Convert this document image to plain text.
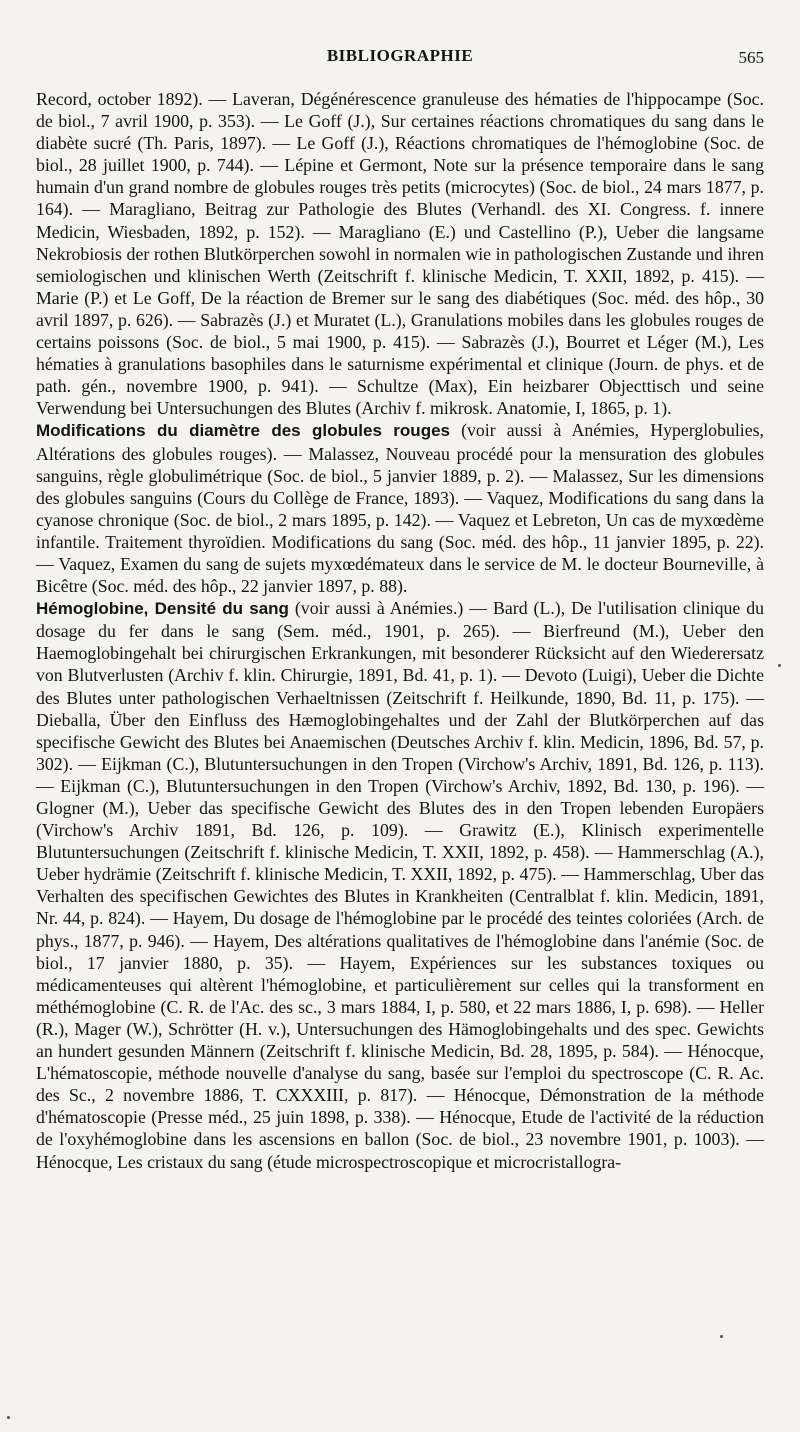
BIBLIOGRAPHIE	565

Record, october 1892). — Laveran, Dégénérescence granuleuse des hématies de l'hippocampe (Soc. de biol., 7 avril 1900, p. 353). — Le Goff (J.), Sur certaines réactions chromatiques du sang dans le diabète sucré (Th. Paris, 1897). — Le Goff (J.), Réactions chromatiques de l'hémoglobine (Soc. de biol., 28 juillet 1900, p. 744). — Lépine et Germont, Note sur la présence temporaire dans le sang humain d'un grand nombre de globules rouges très petits (microcytes) (Soc. de biol., 24 mars 1877, p. 164). — Maragliano, Beitrag zur Pathologie des Blutes (Verhandl. des XI. Congress. f. innere Medicin, Wiesbaden, 1892, p. 152). — Maragliano (E.) und Castellino (P.), Ueber die langsame Nekrobiosis der rothen Blutkörperchen sowohl in normalen wie in pathologischen Zustande und ihren semiologischen und klinischen Werth (Zeitschrift f. klinische Medicin, T. XXII, 1892, p. 415). — Marie (P.) et Le Goff, De la réaction de Bremer sur le sang des diabétiques (Soc. méd. des hôp., 30 avril 1897, p. 626). — Sabrazès (J.) et Muratet (L.), Granulations mobiles dans les globules rouges de certains poissons (Soc. de biol., 5 mai 1900, p. 415). — Sabrazès (J.), Bourret et Léger (M.), Les hématies à granulations basophiles dans le saturnisme expérimental et clinique (Journ. de phys. et de path. gén., novembre 1900, p. 941). — Schultze (Max), Ein heizbarer Objecttisch und seine Verwendung bei Untersuchungen des Blutes (Archiv f. mikrosk. Anatomie, I, 1865, p. 1).

Modifications du diamètre des globules rouges (voir aussi à Anémies, Hyperglobulies, Altérations des globules rouges). — Malassez, Nouveau procédé pour la mensuration des globules sanguins, règle globulimétrique (Soc. de biol., 5 janvier 1889, p. 2). — Malassez, Sur les dimensions des globules sanguins (Cours du Collège de France, 1893). — Vaquez, Modifications du sang dans la cyanose chronique (Soc. de biol., 2 mars 1895, p. 142). — Vaquez et Lebreton, Un cas de myxœdème infantile. Traitement thyroïdien. Modifications du sang (Soc. méd. des hôp., 11 janvier 1895, p. 22). — Vaquez, Examen du sang de sujets myxœdémateux dans le service de M. le docteur Bourneville, à Bicêtre (Soc. méd. des hôp., 22 janvier 1897, p. 88).

Hémoglobine, Densité du sang (voir aussi à Anémies.) — Bard (L.), De l'utilisation clinique du dosage du fer dans le sang (Sem. méd., 1901, p. 265). — Bierfreund (M.), Ueber den Haemoglobingehalt bei chirurgischen Erkrankungen, mit besonderer Rücksicht auf den Wiederersatz von Blutverlusten (Archiv f. klin. Chirurgie, 1891, Bd. 41, p. 1). — Devoto (Luigi), Ueber die Dichte des Blutes unter pathologischen Verhaeltnissen (Zeitschrift f. Heilkunde, 1890, Bd. 11, p. 175). — Dieballa, Über den Einfluss des Hæmoglobingehaltes und der Zahl der Blutkörperchen auf das specifische Gewicht des Blutes bei Anaemischen (Deutsches Archiv f. klin. Medicin, 1896, Bd. 57, p. 302). — Eijkman (C.), Blutuntersuchungen in den Tropen (Virchow's Archiv, 1891, Bd. 126, p. 113). — Eijkman (C.), Blutuntersuchungen in den Tropen (Virchow's Archiv, 1892, Bd. 130, p. 196). — Glogner (M.), Ueber das specifische Gewicht des Blutes des in den Tropen lebenden Europäers (Virchow's Archiv 1891, Bd. 126, p. 109). — Grawitz (E.), Klinisch experimentelle Blutuntersuchungen (Zeitschrift f. klinische Medicin, T. XXII, 1892, p. 458). — Hammerschlag (A.), Ueber hydrämie (Zeitschrift f. klinische Medicin, T. XXII, 1892, p. 475). — Hammerschlag, Uber das Verhalten des specifischen Gewichtes des Blutes in Krankheiten (Centralblat f. klin. Medicin, 1891, Nr. 44, p. 824). — Hayem, Du dosage de l'hémoglobine par le procédé des teintes coloriées (Arch. de phys., 1877, p. 946). — Hayem, Des altérations qualitatives de l'hémoglobine dans l'anémie (Soc. de biol., 17 janvier 1880, p. 35). — Hayem, Expériences sur les substances toxiques ou médicamenteuses qui altèrent l'hémoglobine, et particulièrement sur celles qui la transforment en méthémoglobine (C. R. de l'Ac. des sc., 3 mars 1884, I, p. 580, et 22 mars 1886, I, p. 698). — Heller (R.), Mager (W.), Schrötter (H. v.), Untersuchungen des Hämoglobingehalts und des spec. Gewichts an hundert gesunden Männern (Zeitschrift f. klinische Medicin, Bd. 28, 1895, p. 584). — Hénocque, L'hématoscopie, méthode nouvelle d'analyse du sang, basée sur l'emploi du spectroscope (C. R. Ac. des Sc., 2 novembre 1886, T. CXXXIII, p. 817). — Hénocque, Démonstration de la méthode d'hématoscopie (Presse méd., 25 juin 1898, p. 338). — Hénocque, Etude de l'activité de la réduction de l'oxyhémoglobine dans les ascensions en ballon (Soc. de biol., 23 novembre 1901, p. 1003). — Hénocque, Les cristaux du sang (étude microspectroscopique et microcristallogra-
